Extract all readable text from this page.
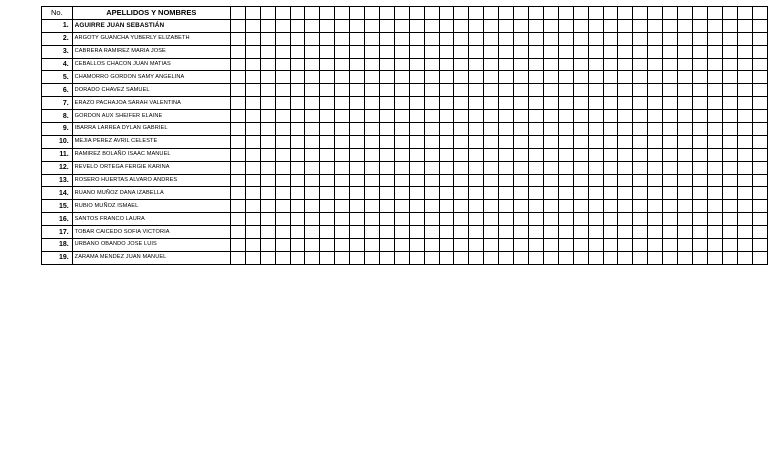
No.	APELLIDOS Y NOMBRES																																				
1.	AGUIRRE JUAN SEBASTIÁN																																				
2.	ARGOTY GUANCHA YUBERLY ELIZABETH																																				
3.	CABRERA RAMIREZ MARIA JOSE																																				
4.	CEBALLOS CHACON JUAN MATIAS																																				
5.	CHAMORRO GORDON SAMY ANGELINA																																				
6.	DORADO CHAVEZ SAMUEL																																				
7.	ERAZO PACHAJOA SARAH VALENTINA																																				
8.	GORDON AUX SHEIFER ELAINE																																				
9.	IBARRA LARREA DYLAN GABRIEL																																				
10.	MEJIA PEREZ AVRIL CELESTE																																				
11.	RAMIREZ BOLAÑO ISAAC MANUEL																																				
12.	REVELO ORTEGA FERGIE KARINA																																				
13.	ROSERO HUERTAS ALVARO ANDRES																																				
14.	RUANO MUÑOZ DANA IZABELLA																																				
15.	RUBIO MUÑOZ ISMAEL																																				
16.	SANTOS FRANCO LAURA																																				
17.	TOBAR CAICEDO SOFIA VICTORIA																																				
18.	URBANO OBANDO JOSE LUIS																																				
19.	ZARAMA MENDEZ JUAN MANUEL																																				
